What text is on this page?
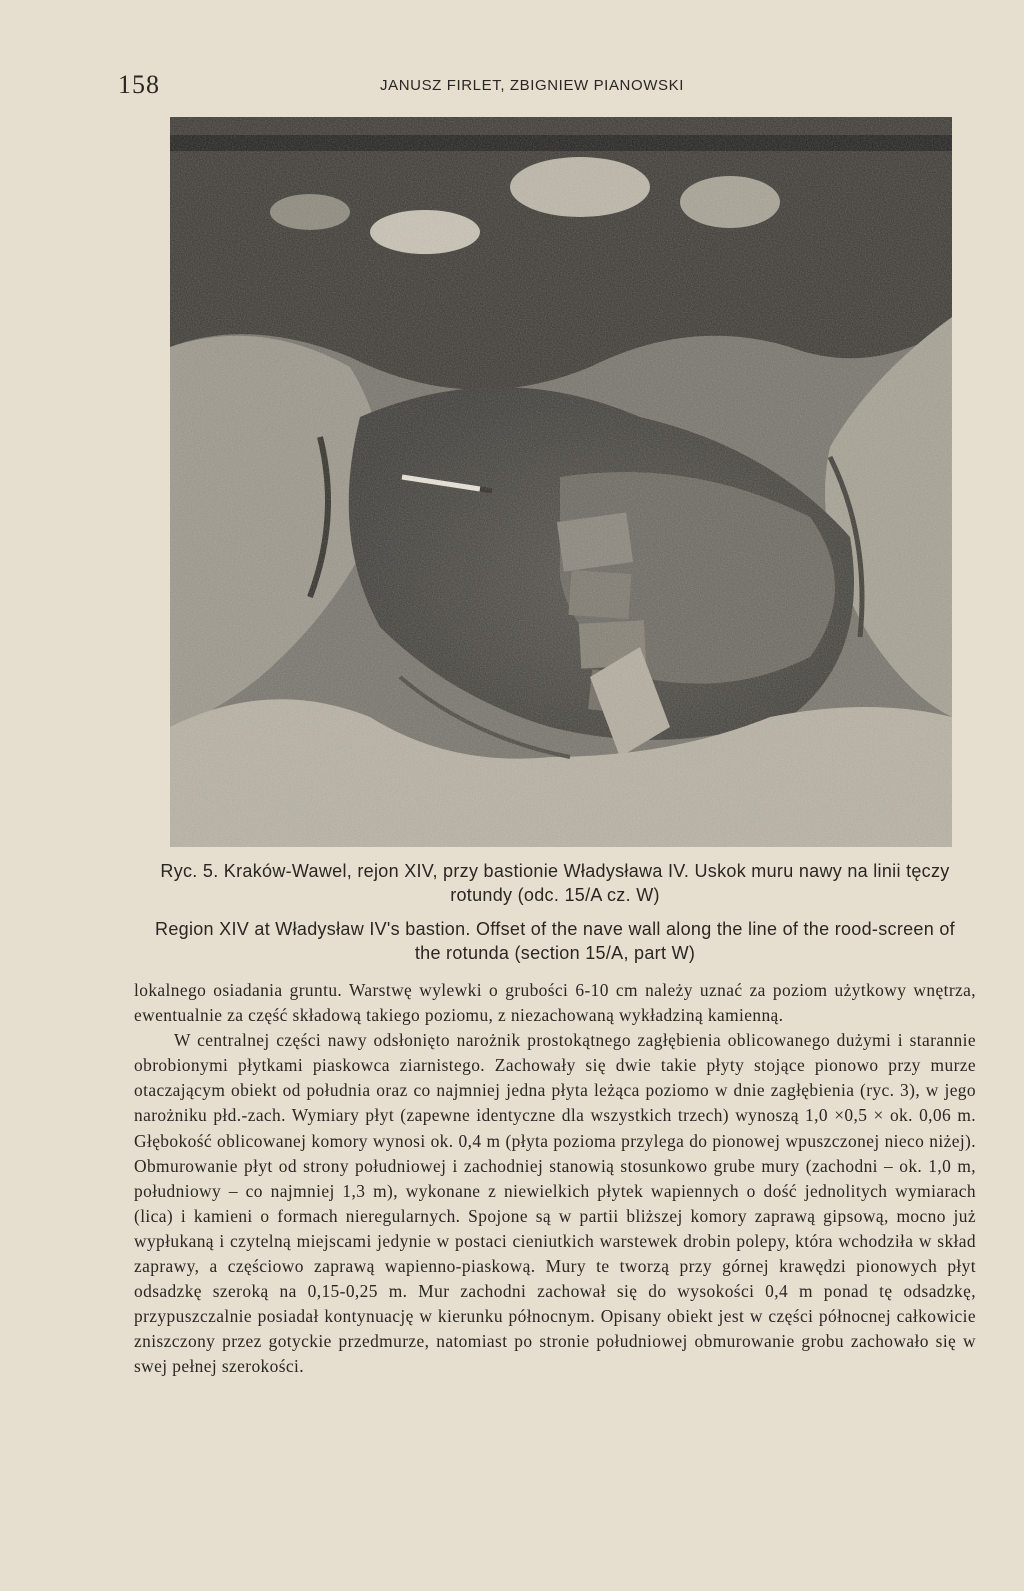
158	JANUSZ FIRLET, ZBIGNIEW PIANOWSKI

Ryc. 5. Kraków-Wawel, rejon XIV, przy bastionie Władysława IV. Uskok muru nawy na linii tęczy rotundy (odc. 15/A cz. W)

Region XIV at Władysław IV's bastion. Offset of the nave wall along the line of the rood-screen of the rotunda (section 15/A, part W)

lokalnego osiadania gruntu. Warstwę wylewki o grubości 6-10 cm należy uznać za poziom użytkowy wnętrza, ewentualnie za część składową takiego poziomu, z niezachowaną wykładziną kamienną.

W centralnej części nawy odsłonięto narożnik prostokątnego zagłębienia oblicowanego dużymi i starannie obrobionymi płytkami piaskowca ziarnistego. Zachowały się dwie takie płyty stojące pionowo przy murze otaczającym obiekt od południa oraz co najmniej jedna płyta leżąca poziomo w dnie zagłębienia (ryc. 3), w jego narożniku płd.-zach. Wymiary płyt (zapewne identyczne dla wszystkich trzech) wynoszą 1,0 ×0,5 × ok. 0,06 m. Głębokość oblicowanej komory wynosi ok. 0,4 m (płyta pozioma przylega do pionowej wpuszczonej nieco niżej). Obmurowanie płyt od strony południowej i zachodniej stanowią stosunkowo grube mury (zachodni – ok. 1,0 m, południowy – co najmniej 1,3 m), wykonane z niewielkich płytek wapiennych o dość jednolitych wymiarach (lica) i kamieni o formach nieregularnych. Spojone są w partii bliższej komory zaprawą gipsową, mocno już wypłukaną i czytelną miejscami jedynie w postaci cieniutkich warstewek drobin polepy, która wchodziła w skład zaprawy, a częściowo zaprawą wapienno-piaskową. Mury te tworzą przy górnej krawędzi pionowych płyt odsadzkę szeroką na 0,15-0,25 m. Mur zachodni zachował się do wysokości 0,4 m ponad tę odsadzkę, przypuszczalnie posiadał kontynuację w kierunku północnym. Opisany obiekt jest w części północnej całkowicie zniszczony przez gotyckie przedmurze, natomiast po stronie południowej obmurowanie grobu zachowało się w swej pełnej szerokości.
